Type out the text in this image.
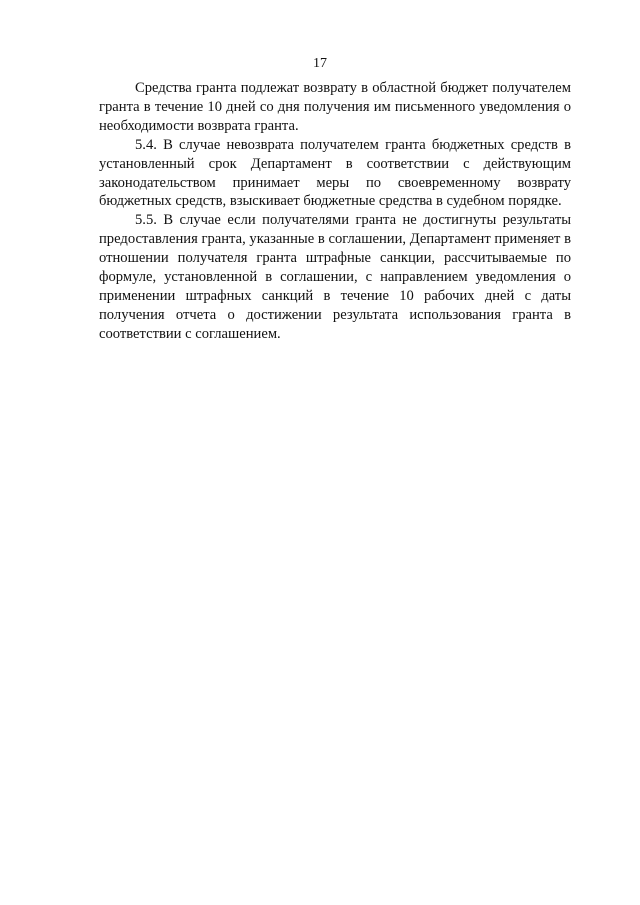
17

Средства гранта подлежат возврату в областной бюджет получателем гранта в течение 10 дней со дня получения им письменного уведомления о необходимости возврата гранта.

5.4. В случае невозврата получателем гранта бюджетных средств в установленный срок Департамент в соответствии с действующим законодательством принимает меры по своевременному возврату бюджетных средств, взыскивает бюджетные средства в судебном порядке.

5.5. В случае если получателями гранта не достигнуты результаты предоставления гранта, указанные в соглашении, Департамент применяет в отношении получателя гранта штрафные санкции, рассчитываемые по формуле, установленной в соглашении, с направлением уведомления о применении штрафных санкций в течение 10 рабочих дней с даты получения отчета о достижении результата использования гранта в соответствии с соглашением.
